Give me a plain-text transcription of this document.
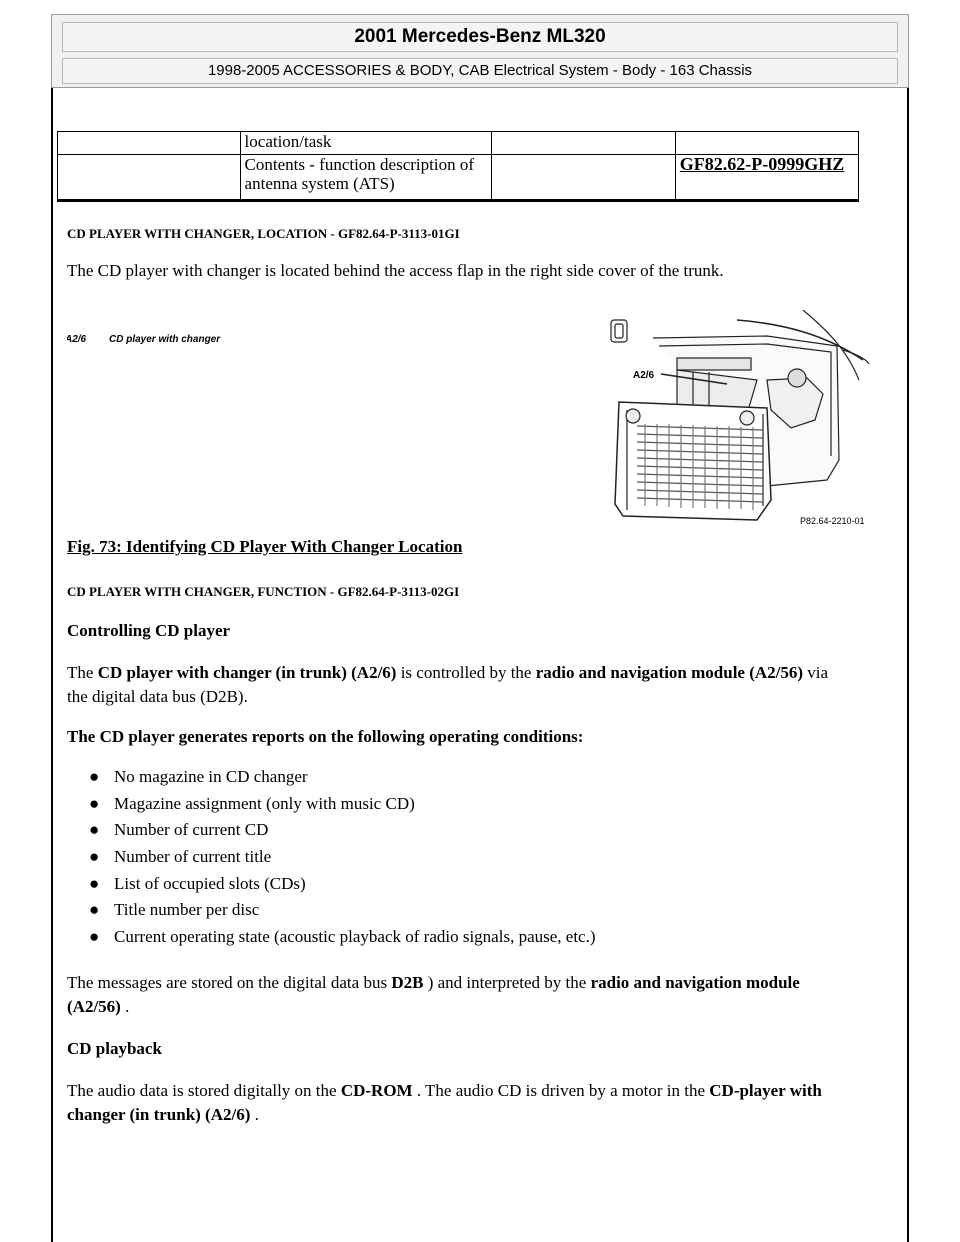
2001 Mercedes-Benz ML320
1998-2005 ACCESSORIES & BODY, CAB Electrical System - Body - 163 Chassis
	location/task		
	Contents - function description of antenna system (ATS)		GF82.62-P-0999GHZ
CD PLAYER WITH CHANGER, LOCATION - GF82.64-P-3113-01GI
The CD player with changer is located behind the access flap in the right side cover of the trunk.
A2/6 CD player with changer
A2/6
P82.64-2210-01
Fig. 73: Identifying CD Player With Changer Location
CD PLAYER WITH CHANGER, FUNCTION - GF82.64-P-3113-02GI
Controlling CD player
The CD player with changer (in trunk) (A2/6) is controlled by the radio and navigation module (A2/56) via
the digital data bus (D2B).
The CD player generates reports on the following operating conditions:
● No magazine in CD changer
● Magazine assignment (only with music CD)
● Number of current CD
● Number of current title
● List of occupied slots (CDs)
● Title number per disc
● Current operating state (acoustic playback of radio signals, pause, etc.)
The messages are stored on the digital data bus D2B ) and interpreted by the radio and navigation module
(A2/56) .
CD playback
The audio data is stored digitally on the CD-ROM . The audio CD is driven by a motor in the CD-player with
changer (in trunk) (A2/6) .
